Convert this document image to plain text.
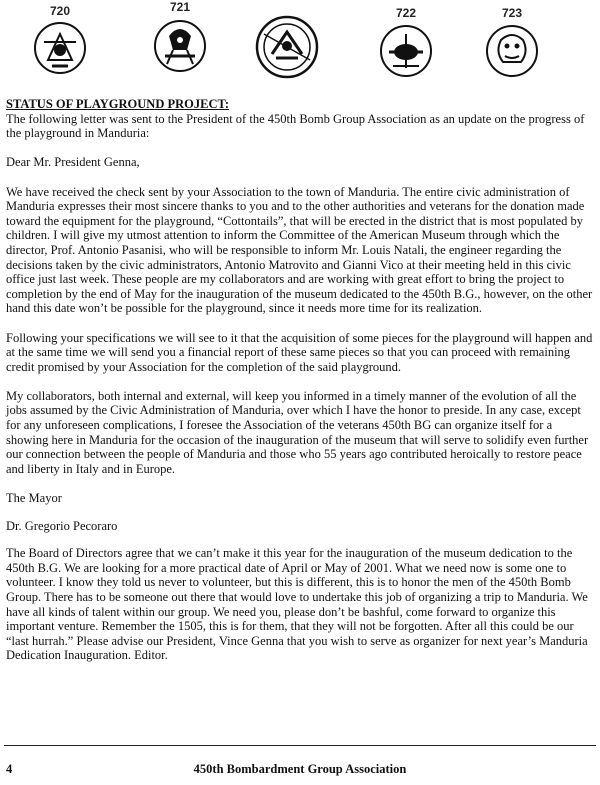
720	721	722	723

STATUS OF PLAYGROUND PROJECT:

The following letter was sent to the President of the 450th Bomb Group Association as an update on the progress of the playground in Manduria:

Dear Mr. President Genna,

We have received the check sent by your Association to the town of Manduria. The entire civic administration of Manduria expresses their most sincere thanks to you and to the other authorities and veterans for the donation made toward the equipment for the playground, “Cottontails”, that will be erected in the district that is most populated by children. I will give my utmost attention to inform the Committee of the American Museum through which the director, Prof. Antonio Pasanisi, who will be responsible to inform Mr. Louis Natali, the engineer regarding the decisions taken by the civic administrators, Antonio Matrovito and Gianni Vico at their meeting held in this civic office just last week. These people are my collaborators and are working with great effort to bring the project to completion by the end of May for the inauguration of the museum dedicated to the 450th B.G., however, on the other hand this date won’t be possible for the playground, since it needs more time for its realization.

Following your specifications we will see to it that the acquisition of some pieces for the playground will happen and at the same time we will send you a financial report of these same pieces so that you can proceed with remaining credit promised by your Association for the completion of the said playground.

My collaborators, both internal and external, will keep you informed in a timely manner of the evolution of all the jobs assumed by the Civic Administration of Manduria, over which I have the honor to preside. In any case, except for any unforeseen complications, I foresee the Association of the veterans 450th BG can organize itself for a showing here in Manduria for the occasion of the inauguration of the museum that will serve to solidify even further our connection between the people of Manduria and those who 55 years ago contributed heroically to restore peace and liberty in Italy and in Europe.

The Mayor

Dr. Gregorio Pecoraro

The Board of Directors agree that we can’t make it this year for the inauguration of the museum dedication to the 450th B.G. We are looking for a more practical date of April or May of 2001. What we need now is some one to volunteer. I know they told us never to volunteer, but this is different, this is to honor the men of the 450th Bomb Group. There has to be someone out there that would love to undertake this job of organizing a trip to Manduria. We have all kinds of talent within our group. We need you, please don’t be bashful, come forward to organize this important venture. Remember the 1505, this is for them, that they will not be forgotten. After all this could be our “last hurrah.” Please advise our President, Vince Genna that you wish to serve as organizer for next year’s Manduria Dedication Inauguration. Editor.

4	450th Bombardment Group Association
